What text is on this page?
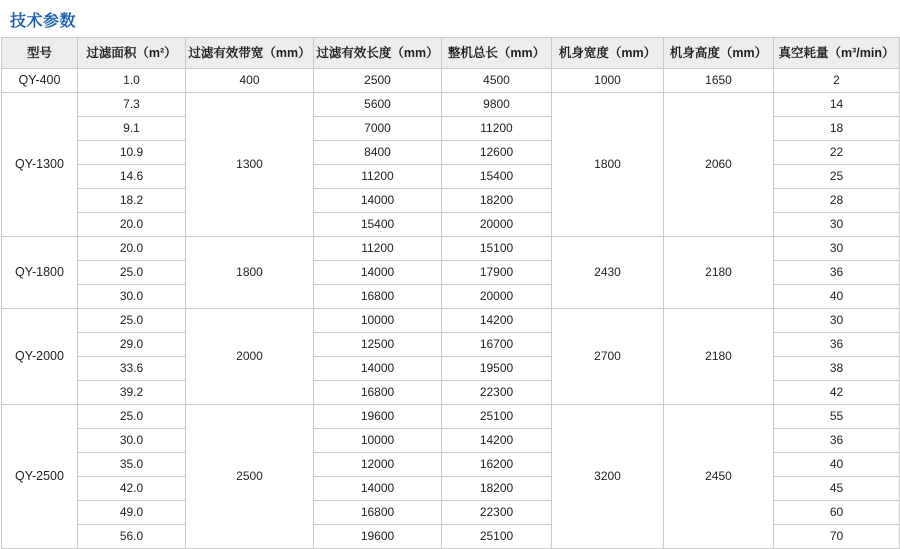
技术参数
型号	过滤面积（m²）	过滤有效带宽（mm）	过滤有效长度（mm）	整机总长（mm）	机身宽度（mm）	机身高度（mm）	真空耗量（m³/min）
QY-400	1.0	400	2500	4500	1000	1650	2
QY-1300	7.3	1300	5600	9800	1800	2060	14
	9.1		7000	11200			18
	10.9		8400	12600			22
	14.6		11200	15400			25
	18.2		14000	18200			28
	20.0		15400	20000			30
QY-1800	20.0	1800	11200	15100	2430	2180	30
	25.0		14000	17900			36
	30.0		16800	20000			40
QY-2000	25.0	2000	10000	14200	2700	2180	30
	29.0		12500	16700			36
	33.6		14000	19500			38
	39.2		16800	22300			42
QY-2500	25.0	2500	19600	25100	3200	2450	55
	30.0		10000	14200			36
	35.0		12000	16200			40
	42.0		14000	18200			45
	49.0		16800	22300			60
	56.0		19600	25100			70
